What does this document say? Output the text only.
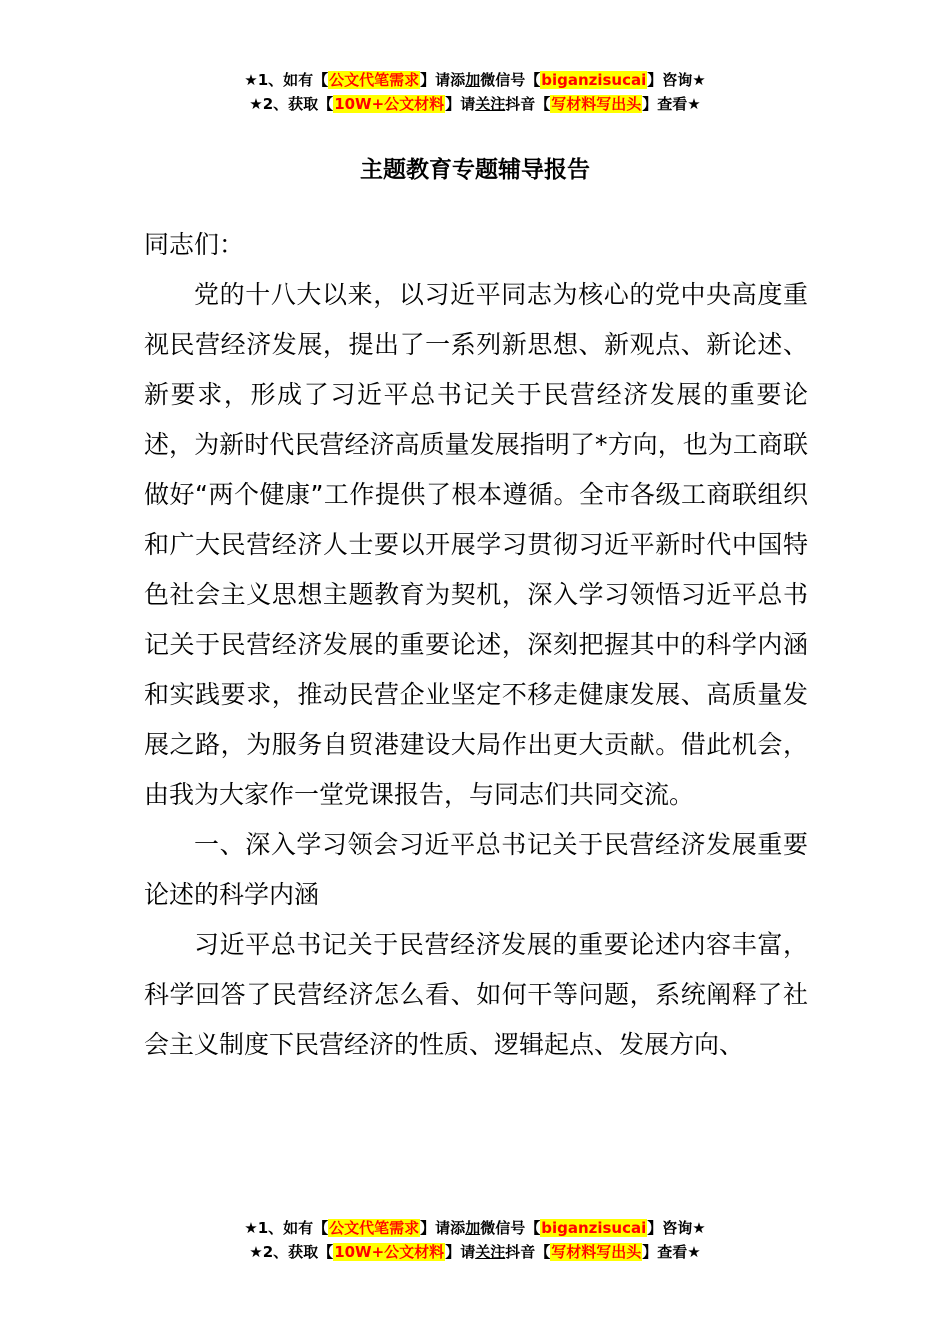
★1、如有【公文代笔需求】请添加微信号【biganzisucai】咨询★
★2、获取【10W+公文材料】请关注抖音【写材料写出头】查看★
主题教育专题辅导报告

同志们：

党的十八大以来，以习近平同志为核心的党中央高度重视民营经济发展，提出了一系列新思想、新观点、新论述、新要求，形成了习近平总书记关于民营经济发展的重要论述，为新时代民营经济高质量发展指明了*方向，也为工商联做好“两个健康”工作提供了根本遵循。全市各级工商联组织和广大民营经济人士要以开展学习贯彻习近平新时代中国特色社会主义思想主题教育为契机，深入学习领悟习近平总书记关于民营经济发展的重要论述，深刻把握其中的科学内涵和实践要求，推动民营企业坚定不移走健康发展、高质量发展之路，为服务自贸港建设大局作出更大贡献。借此机会，由我为大家作一堂党课报告，与同志们共同交流。

一、深入学习领会习近平总书记关于民营经济发展重要论述的科学内涵

习近平总书记关于民营经济发展的重要论述内容丰富，科学回答了民营经济怎么看、如何干等问题，系统阐释了社会主义制度下民营经济的性质、逻辑起点、发展方向、

★1、如有【公文代笔需求】请添加微信号【biganzisucai】咨询★
★2、获取【10W+公文材料】请关注抖音【写材料写出头】查看★
